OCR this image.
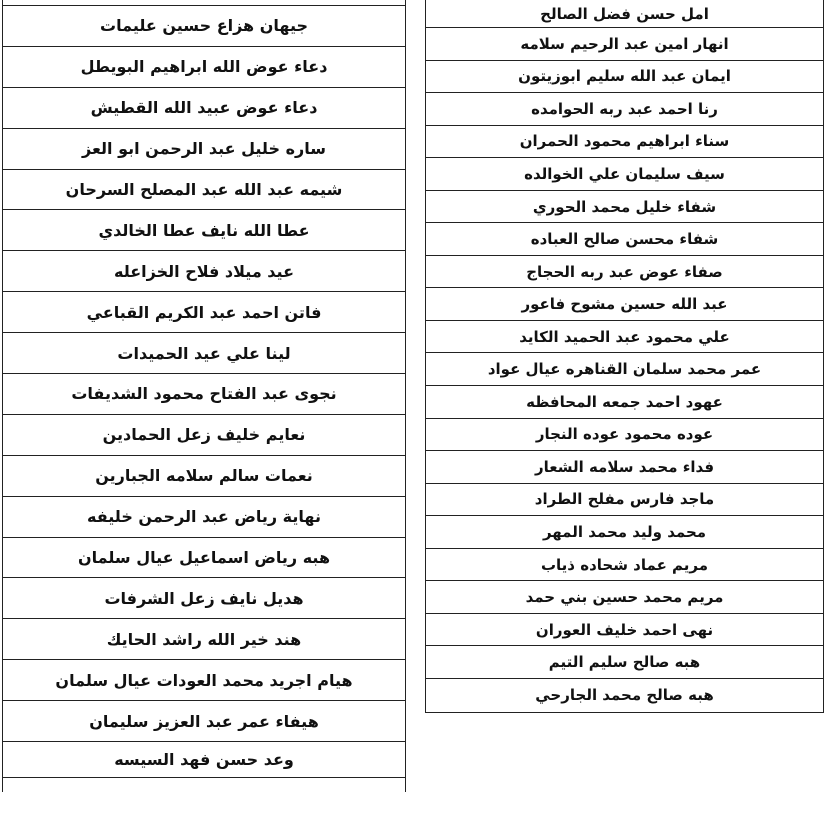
جيهان هزاع حسين عليمات
دعاء عوض الله ابراهيم البويطل
دعاء عوض عبيد الله القطيش
ساره خليل عبد الرحمن ابو العز
شيمه عبد الله عبد المصلح السرحان
عطا الله نايف عطا الخالدي
عيد ميلاد فلاح الخزاعله
فاتن احمد عبد الكريم القباعي
لينا علي عيد الحميدات
نجوى عبد الفتاح محمود الشديفات
نعايم خليف زعل الحمادين
نعمات سالم سلامه الجبارين
نهاية رياض عبد الرحمن خليفه
هبه رياض اسماعيل عيال سلمان
هديل نايف زعل الشرفات
هند خير الله راشد الحايك
هيام اجريد محمد العودات عيال سلمان
هيفاء عمر عبد العزيز سليمان
وعد حسن فهد السيسه
امل حسن فضل الصالح
انهار امين عبد الرحيم سلامه
ايمان عبد الله سليم ابوزيتون
رنا احمد عبد ربه الحوامده
سناء ابراهيم محمود الحمران
سيف سليمان علي الخوالده
شفاء خليل محمد الحوري
شفاء محسن صالح العباده
صفاء عوض عبد ربه الحجاج
عبد الله حسين مشوح فاعور
علي محمود عبد الحميد الكايد
عمر محمد سلمان القناهره عيال عواد
عهود احمد جمعه المحافظه
عوده محمود عوده النجار
فداء محمد سلامه الشعار
ماجد فارس مفلح الطراد
محمد وليد محمد المهر
مريم عماد شحاده ذياب
مريم محمد حسين بني حمد
نهى احمد خليف العوران
هبه صالح سليم التيم
هبه صالح محمد الجارحي
